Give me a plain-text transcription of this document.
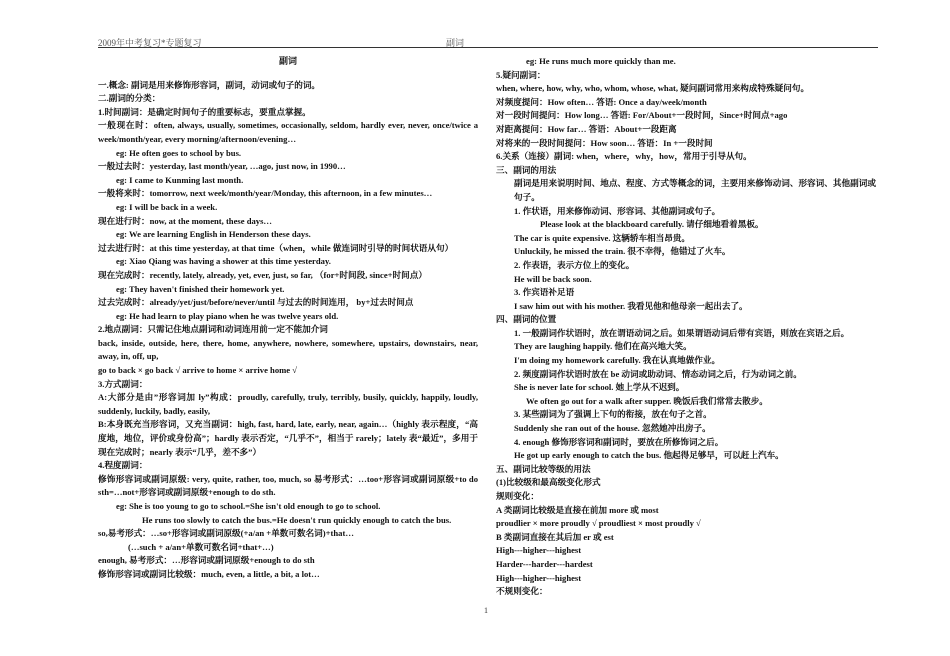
2009年中考复习*专题复习	副词

副词

一.概念: 副词是用来修饰形容词，副词，动词或句子的词。

二.副词的分类：

1.时间副词：是确定时间句子的重要标志，要重点掌握。

一般现在时：often, always, usually, sometimes, occasionally, seldom, hardly ever, never, once/twice a week/month/year, every morning/afternoon/evening…

eg: He often goes to school by bus.

一般过去时：yesterday, last month/year, …ago, just now, in 1990…

eg: I came to Kunming last month.

一般将来时：tomorrow, next week/month/year/Monday, this afternoon, in a few minutes…

eg: I will be back in a week.

现在进行时：now, at the moment, these days…

eg: We are learning English in Henderson these days.

过去进行时：at this time yesterday, at that time（when，while 做连词时引导的时间状语从句）

eg: Xiao Qiang was having a shower at this time yesterday.

现在完成时：recently, lately, already, yet, ever, just, so far, （for+时间段, since+时间点）

eg: They haven't finished their homework yet.

过去完成时：already/yet/just/before/never/until 与过去的时间连用， by+过去时间点

eg: He had learn to play piano when he was twelve years old.

2.地点副词：只需记住地点副词和动词连用前一定不能加介词

back, inside, outside, here, there, home, anywhere, nowhere, somewhere, upstairs, downstairs, near, away, in, off, up,

go to back × go back √ arrive to home × arrive home √

3.方式副词：

A:大部分是由”形容词加 ly”构成：proudly, carefully, truly, terribly, busily, quickly, happily, loudly, suddenly, luckily, badly, easily,

B:本身既充当形容词，又充当副词：high, fast, hard, late, early, near, again…（highly 表示程度，“高度地，地位，评价或身份高”；hardly 表示否定，“几乎不”，相当于 rarely；lately 表“最近”，多用于现在完成时；nearly 表示“几乎，差不多”）

4.程度副词：

修饰形容词或副词原级: very, quite, rather, too, much, so 易考形式：…too+形容词或副词原级+to do sth=…not+形容词或副词原级+enough to do sth.

eg: She is too young to go to school.=She isn't old enough to go to school.

He runs too slowly to catch the bus.=He doesn't run quickly enough to catch the bus.

so,易考形式：…so+形容词或副词原级(+a/an +单数可数名词)+that…

(…such + a/an+单数可数名词+that+…)

enough, 易考形式：…形容词或副词原级+enough to do sth

修饰形容词或副词比较级：much, even, a little, a bit, a lot…

eg: He runs much more quickly than me.

5.疑问副词：

when, where, how, why, who, whom, whose, what, 疑问副词常用来构成特殊疑问句。

对频度提问：How often… 答语: Once a day/week/month

对一段时间提问：How long… 答语: For/About+一段时间，Since+时间点+ago

对距离提问：How far… 答语：About+一段距离

对将来的一段时间提问：How soon… 答语：In +一段时间

6.关系（连接）副词: when，where，why，how，常用于引导从句。

三、副词的用法

副词是用来说明时间、地点、程度、方式等概念的词，主要用来修饰动词、形容词、其他副词或句子。

1. 作状语，用来修饰动词、形容词、其他副词或句子。

Please look at the blackboard carefully. 请仔细地看着黑板。

The car is quite expensive. 这辆轿车相当昂贵。

Unluckily, he missed the train. 很不幸得，他错过了火车。

2. 作表语，表示方位上的变化。

He will be back soon.

3. 作宾语补足语

I saw him out with his mother. 我看见他和他母亲一起出去了。

四、副词的位置

1. 一般副词作状语时，放在谓语动词之后。如果谓语动词后带有宾语，则放在宾语之后。

They are laughing happily. 他们在高兴地大笑。

I'm doing my homework carefully. 我在认真地做作业。

2. 频度副词作状语时放在 be 动词或助动词、情态动词之后，行为动词之前。

She is never late for school. 她上学从不迟到。

We often go out for a walk after supper. 晚饭后我们常常去散步。

3. 某些副词为了强调上下句的衔接，放在句子之首。

Suddenly she ran out of the house. 忽然她冲出房子。

4. enough 修饰形容词和副词时，要放在所修饰词之后。

He got up early enough to catch the bus. 他起得足够早，可以赶上汽车。

五、副词比较等级的用法

(1)比较级和最高级变化形式

规则变化：

A 类副词比较级是直接在前加 more 或 most

proudlier × more proudly √ proudliest × most proudly √

B 类副词直接在其后加 er 或 est

High---higher---highest

Harder---harder---hardest

High---higher---highest

不规则变化：

1
